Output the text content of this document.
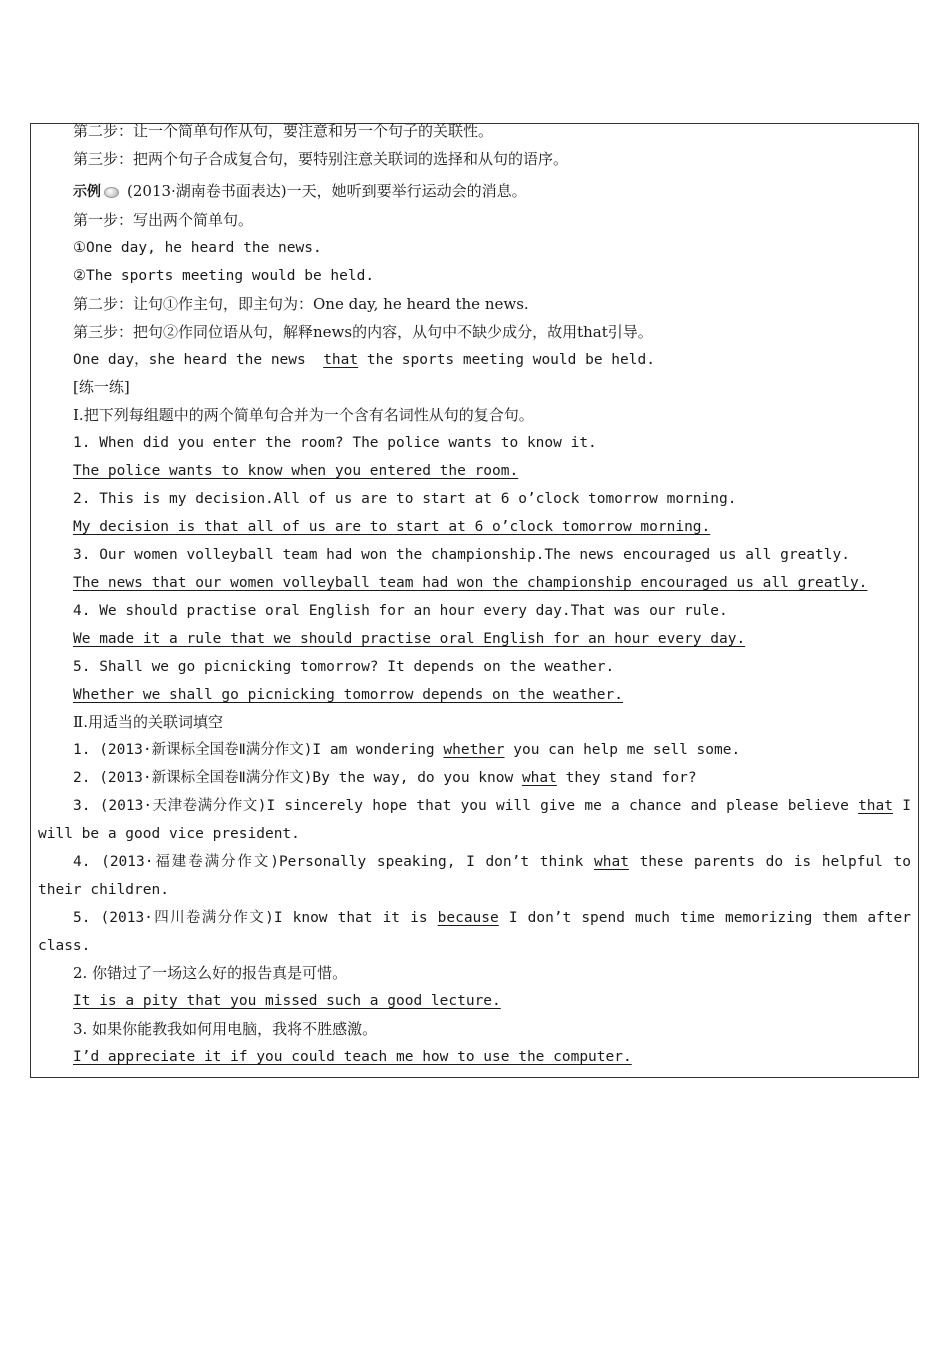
第二步：让一个简单句作从句，要注意和另一个句子的关联性。
第三步：把两个句子合成复合句，要特别注意关联词的选择和从句的语序。
示例 (2013·湖南卷书面表达)一天，她听到要举行运动会的消息。
第一步：写出两个简单句。
①One day, he heard the news.
②The sports meeting would be held.
第二步：让句①作主句，即主句为：One day, he heard the news.
第三步：把句②作同位语从句，解释news的内容，从句中不缺少成分，故用that引导。
One day，she heard the news  that the sports meeting would be held.
[练一练]
Ⅰ.把下列每组题中的两个简单句合并为一个含有名词性从句的复合句。
1. When did you enter the room? The police wants to know it.
The police wants to know when you entered the room.
2. This is my decision.All of us are to start at 6 o’clock tomorrow morning.
My decision is that all of us are to start at 6 o’clock tomorrow morning.
3. Our women volleyball team had won the championship.The news encouraged us all greatly.
The news that our women volleyball team had won the championship encouraged us all greatly.
4. We should practise oral English for an hour every day.That was our rule.
We made it a rule that we should practise oral English for an hour every day.
5. Shall we go picnicking tomorrow? It depends on the weather.
Whether we shall go picnicking tomorrow depends on the weather.
Ⅱ.用适当的关联词填空
1. (2013·新课标全国卷Ⅱ满分作文)I am wondering whether you can help me sell some.
2. (2013·新课标全国卷Ⅱ满分作文)By the way, do you know what they stand for?
3. (2013·天津卷满分作文)I sincerely hope that you will give me a chance and please believe that I
will be a good vice president.
4. (2013·福建卷满分作文)Personally speaking, I don’t think what these parents do is helpful to
their children.
5. (2013·四川卷满分作文)I know that it is because I don’t spend much time memorizing them after
class.
2. 你错过了一场这么好的报告真是可惜。
It is a pity that you missed such a good lecture.
3. 如果你能教我如何用电脑，我将不胜感激。
I’d appreciate it if you could teach me how to use the computer.
